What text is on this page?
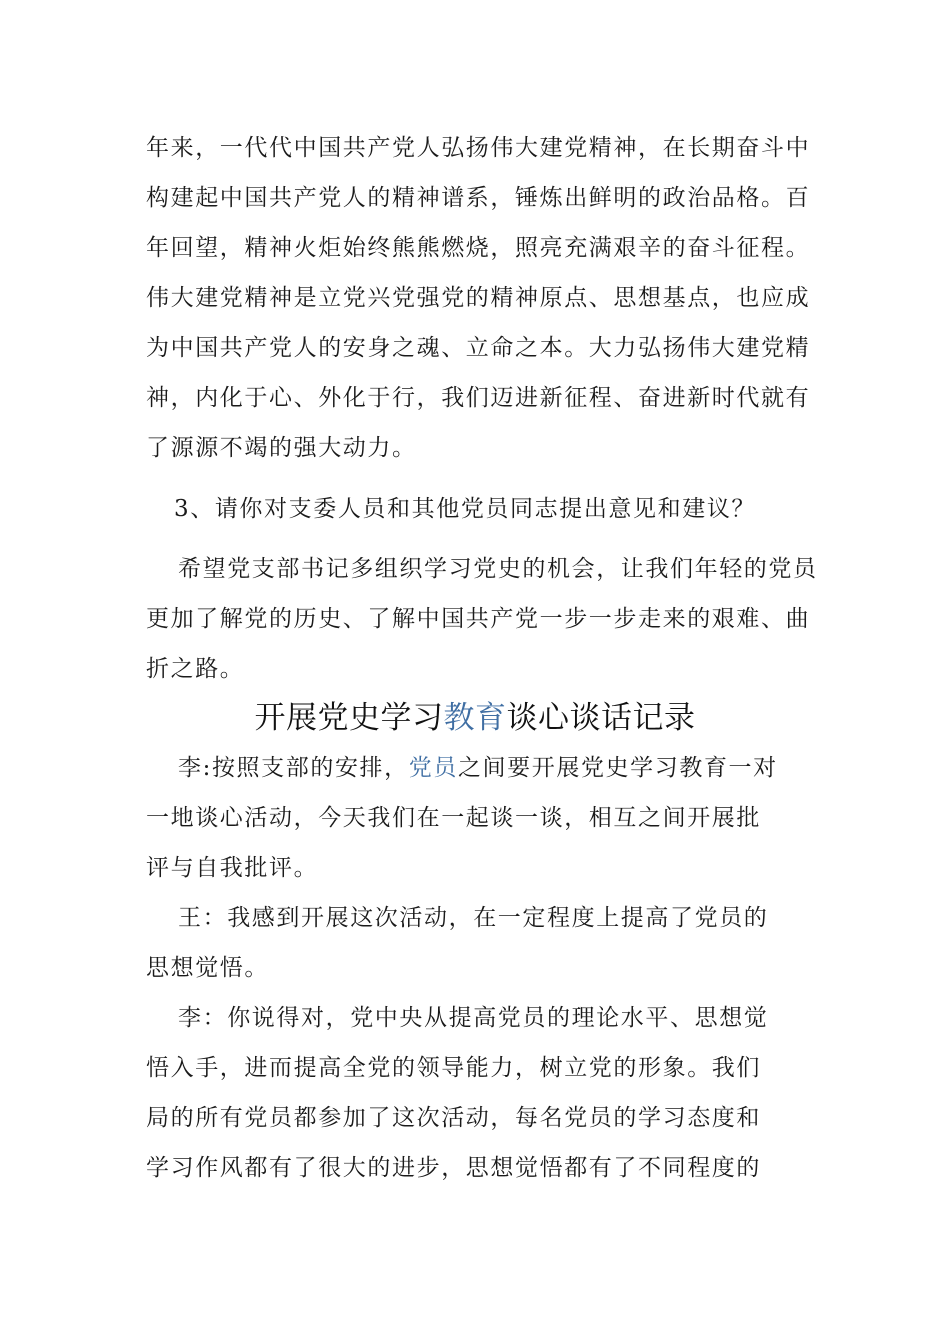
年来，一代代中国共产党人弘扬伟大建党精神，在长期奋斗中
构建起中国共产党人的精神谱系，锤炼出鲜明的政治品格。百
年回望，精神火炬始终熊熊燃烧，照亮充满艰辛的奋斗征程。
伟大建党精神是立党兴党强党的精神原点、思想基点，也应成
为中国共产党人的安身之魂、立命之本。大力弘扬伟大建党精
神，内化于心、外化于行，我们迈进新征程、奋进新时代就有
了源源不竭的强大动力。
3、请你对支委人员和其他党员同志提出意见和建议？
希望党支部书记多组织学习党史的机会，让我们年轻的党员
更加了解党的历史、了解中国共产党一步一步走来的艰难、曲
折之路。
开展党史学习教育谈心谈话记录
李:按照支部的安排，党员之间要开展党史学习教育一对
一地谈心活动，今天我们在一起谈一谈，相互之间开展批
评与自我批评。
王：我感到开展这次活动，在一定程度上提高了党员的
思想觉悟。
李：你说得对，党中央从提高党员的理论水平、思想觉
悟入手，进而提高全党的领导能力，树立党的形象。我们
局的所有党员都参加了这次活动，每名党员的学习态度和
学习作风都有了很大的进步，思想觉悟都有了不同程度的
